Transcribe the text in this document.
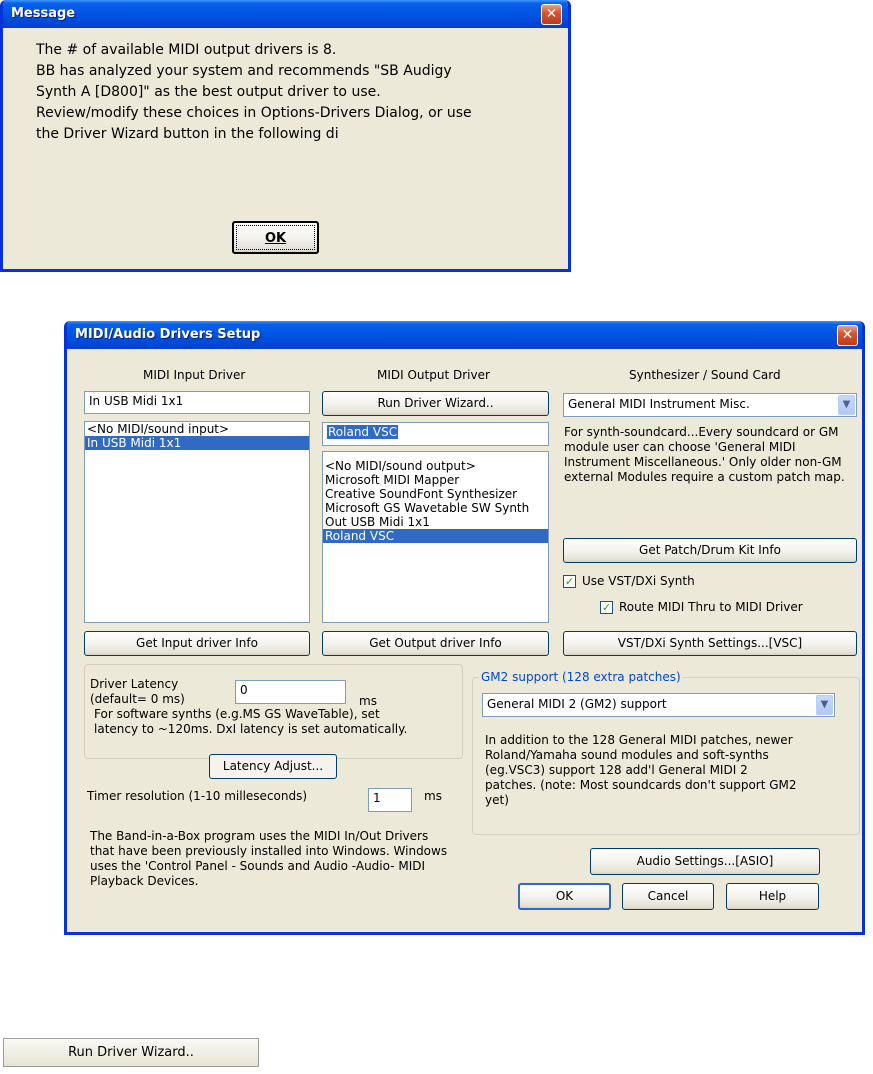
Message	✕
The # of available MIDI output drivers is 8.
BB has analyzed your system and recommends "SB Audigy
Synth A [D800]" as the best output driver to use.
Review/modify these choices in Options-Drivers Dialog, or use
the Driver Wizard button in the following di
OK
MIDI/Audio Drivers Setup	✕
MIDI Input Driver	MIDI Output Driver	Synthesizer / Sound Card
In USB Midi 1x1
<No MIDI/sound input>
In USB Midi 1x1
Get Input driver Info
Run Driver Wizard..
Roland VSC
<No MIDI/sound output>
Microsoft MIDI Mapper
Creative SoundFont Synthesizer
Microsoft GS Wavetable SW Synth
Out USB Midi 1x1
Roland VSC
Get Output driver Info
General MIDI Instrument Misc.	▼
For synth-soundcard...Every soundcard or GM
module user can choose 'General MIDI
Instrument Miscellaneous.' Only older non-GM
external Modules require a custom patch map.
Get Patch/Drum Kit Info
✓ Use VST/DXi Synth
✓ Route MIDI Thru to MIDI Driver
VST/DXi Synth Settings...[VSC]
Driver Latency
(default= 0 ms)
0
ms
For software synths (e.g.MS GS WaveTable), set
latency to ~120ms. DxI latency is set automatically.
Latency Adjust...
Timer resolution (1-10 milleseconds)	1	ms
The Band-in-a-Box program uses the MIDI In/Out Drivers
that have been previously installed into Windows. Windows
uses the 'Control Panel - Sounds and Audio -Audio- MIDI
Playback Devices.
GM2 support (128 extra patches)
General MIDI 2 (GM2) support	▼
In addition to the 128 General MIDI patches, newer
Roland/Yamaha sound modules and soft-synths
(eg.VSC3) support 128 add'l General MIDI 2
patches. (note: Most soundcards don't support GM2
yet)
Audio Settings...[ASIO]
OK	Cancel	Help
Run Driver Wizard..
